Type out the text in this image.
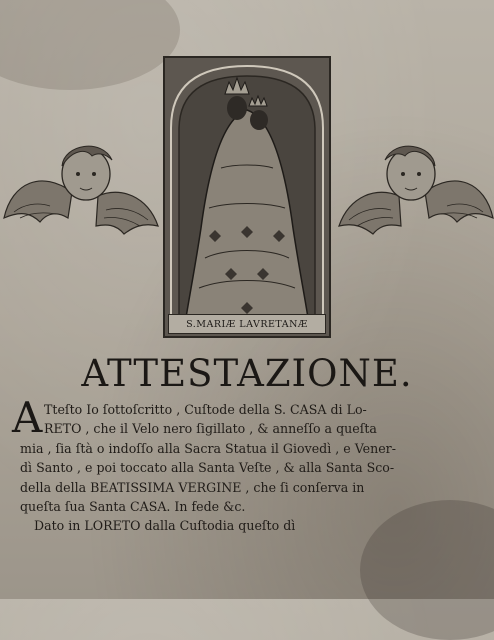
S.MARIÆ LAVRETANÆ
ATTESTAZIONE.
A Tteſto Io ſottoſcritto , Cuſtode della S. CASA di Lo-
RETO , che il Velo nero ſigillato , & anneſſo a queſta
mia , ſia ſtà o indoſſo alla Sacra Statua il Giovedì , e Vener-
dì Santo , e poi toccato alla Santa Veſte , & alla Santa Sco-
della della BEATISSIMA VERGINE , che ſi conſerva in
queſta ſua Santa CASA. In fede &c.
Dato in LORETO dalla Cuſtodia queſto dì
